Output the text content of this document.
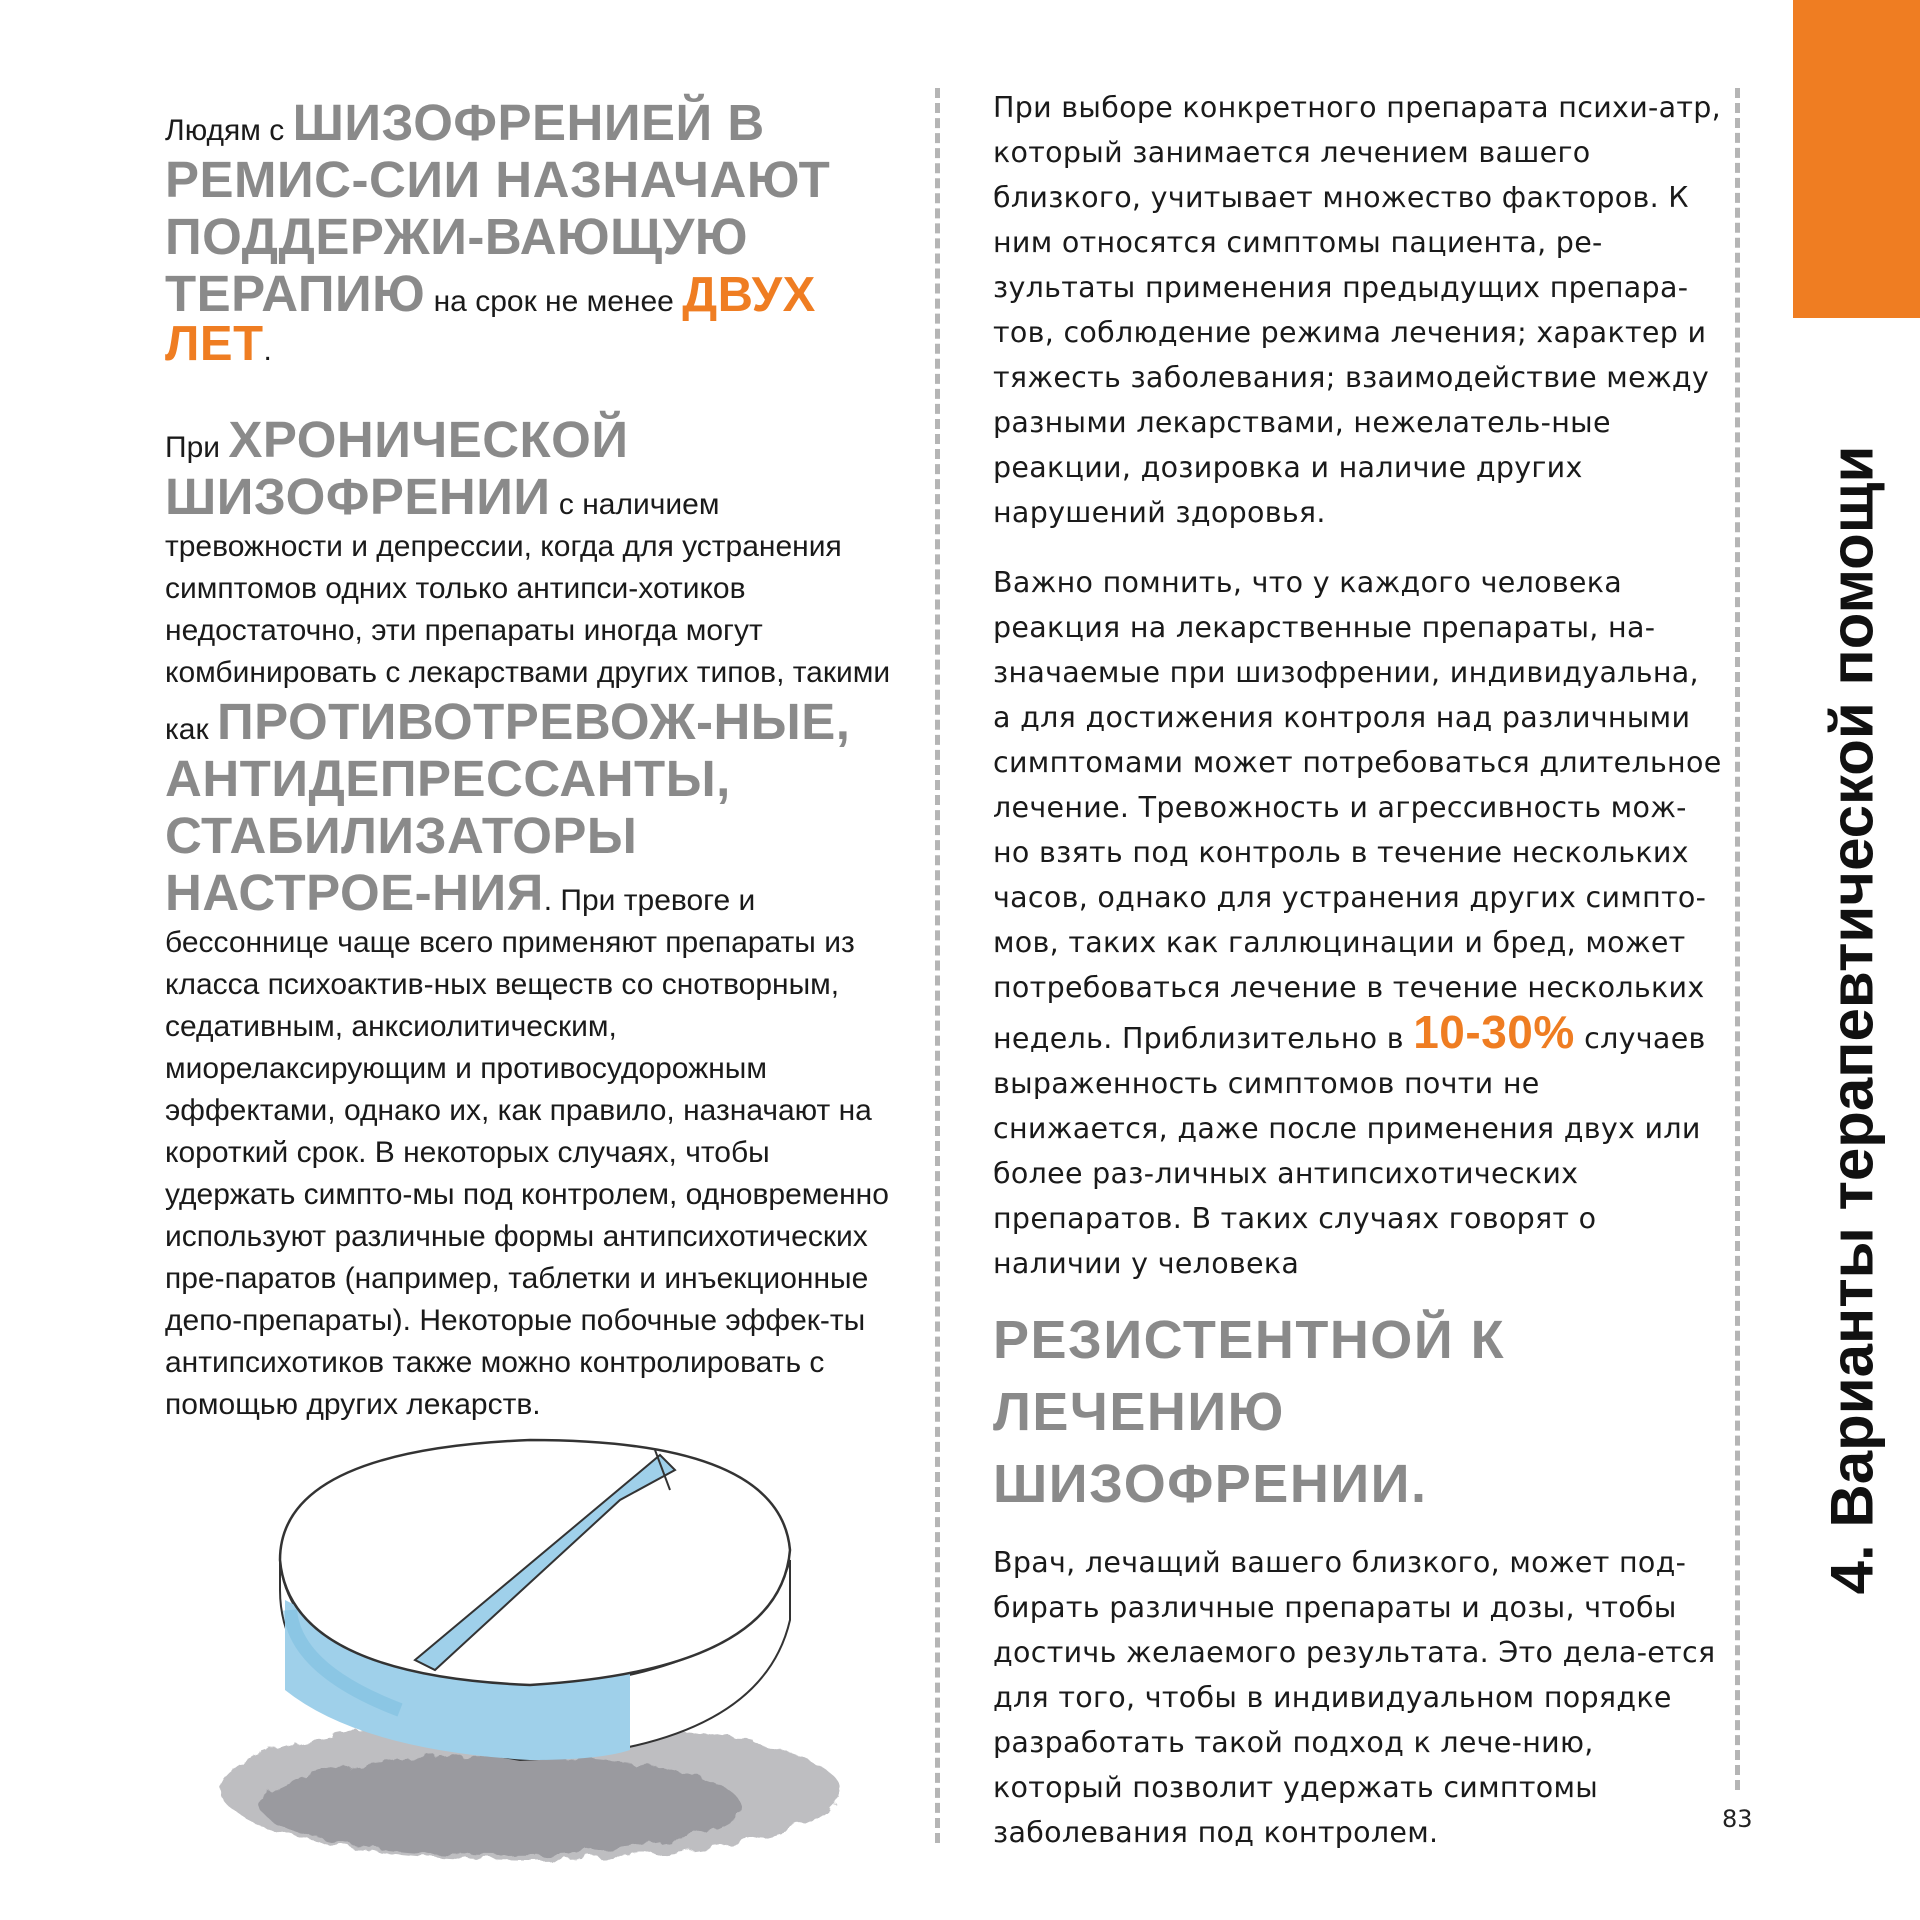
4. Варианты терапевтической помощи

Людям с ШИЗОФРЕНИЕЙ В РЕМИС-СИИ НАЗНАЧАЮТ ПОДДЕРЖИ-ВАЮЩУЮ ТЕРАПИЮ на срок не менее ДВУХ ЛЕТ.

При ХРОНИЧЕСКОЙ ШИЗОФРЕНИИ с наличием тревожности и депрессии, когда для устранения симптомов одних только антипси-хотиков недостаточно, эти препараты иногда могут комбинировать с лекарствами других типов, такими как ПРОТИВОТРЕВОЖ-НЫЕ, АНТИДЕПРЕССАНТЫ, СТАБИЛИЗАТОРЫ НАСТРОЕ-НИЯ. При тревоге и бессоннице чаще всего применяют препараты из класса психоактив-ных веществ со снотворным, седативным, анксиолитическим, миорелаксирующим и противосудорожным эффектами, однако их, как правило, назначают на короткий срок. В некоторых случаях, чтобы удержать симпто-мы под контролем, одновременно используют различные формы антипсихотических пре-паратов (например, таблетки и инъекционные депо-препараты). Некоторые побочные эффек-ты антипсихотиков также можно контролировать с помощью других лекарств.

При выборе конкретного препарата психи-атр, который занимается лечением вашего близкого, учитывает множество факторов. К ним относятся симптомы пациента, ре-зультаты применения предыдущих препара-тов, соблюдение режима лечения; характер и тяжесть заболевания; взаимодействие между разными лекарствами, нежелатель-ные реакции, дозировка и наличие других нарушений здоровья.

Важно помнить, что у каждого человека реакция на лекарственные препараты, на-значаемые при шизофрении, индивидуальна, а для достижения контроля над различными симптомами может потребоваться длительное лечение. Тревожность и агрессивность мож-но взять под контроль в течение нескольких часов, однако для устранения других симпто-мов, таких как галлюцинации и бред, может потребоваться лечение в течение нескольких недель. Приблизительно в 10-30% случаев выраженность симптомов почти не снижается, даже после применения двух или более раз-личных антипсихотических препаратов. В таких случаях говорят о наличии у человека

РЕЗИСТЕНТНОЙ К ЛЕЧЕНИЮ ШИЗОФРЕНИИ.

Врач, лечащий вашего близкого, может под-бирать различные препараты и дозы, чтобы достичь желаемого результата. Это дела-ется для того, чтобы в индивидуальном порядке разработать такой подход к лече-нию, который позволит удержать симптомы заболевания под контролем.	83
